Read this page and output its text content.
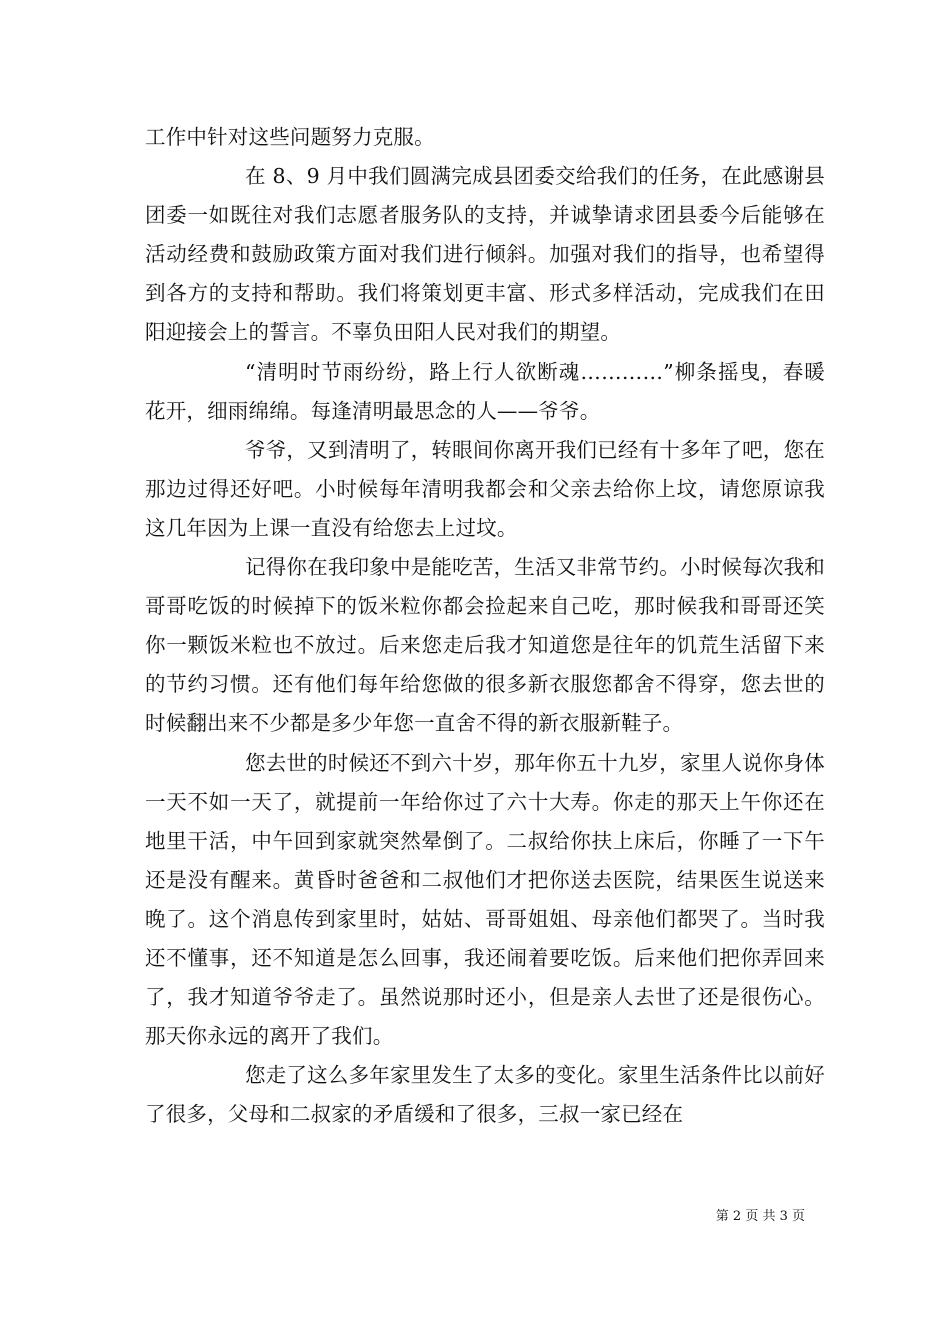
工作中针对这些问题努力克服。

在 8、9 月中我们圆满完成县团委交给我们的任务，在此感谢县团委一如既往对我们志愿者服务队的支持，并诚挚请求团县委今后能够在活动经费和鼓励政策方面对我们进行倾斜。加强对我们的指导，也希望得到各方的支持和帮助。我们将策划更丰富、形式多样活动，完成我们在田阳迎接会上的誓言。不辜负田阳人民对我们的期望。

“清明时节雨纷纷，路上行人欲断魂…………”柳条摇曳，春暖花开，细雨绵绵。每逢清明最思念的人——爷爷。

爷爷，又到清明了，转眼间你离开我们已经有十多年了吧，您在那边过得还好吧。小时候每年清明我都会和父亲去给你上坟，请您原谅我这几年因为上课一直没有给您去上过坟。

记得你在我印象中是能吃苦，生活又非常节约。小时候每次我和哥哥吃饭的时候掉下的饭米粒你都会捡起来自己吃，那时候我和哥哥还笑你一颗饭米粒也不放过。后来您走后我才知道您是往年的饥荒生活留下来的节约习惯。还有他们每年给您做的很多新衣服您都舍不得穿，您去世的时候翻出来不少都是多少年您一直舍不得的新衣服新鞋子。

您去世的时候还不到六十岁，那年你五十九岁，家里人说你身体一天不如一天了，就提前一年给你过了六十大寿。你走的那天上午你还在地里干活，中午回到家就突然晕倒了。二叔给你扶上床后，你睡了一下午还是没有醒来。黄昏时爸爸和二叔他们才把你送去医院，结果医生说送来晚了。这个消息传到家里时，姑姑、哥哥姐姐、母亲他们都哭了。当时我还不懂事，还不知道是怎么回事，我还闹着要吃饭。后来他们把你弄回来了，我才知道爷爷走了。虽然说那时还小，但是亲人去世了还是很伤心。那天你永远的离开了我们。

您走了这么多年家里发生了太多的变化。家里生活条件比以前好了很多，父母和二叔家的矛盾缓和了很多，三叔一家已经在

第 2 页 共 3 页
